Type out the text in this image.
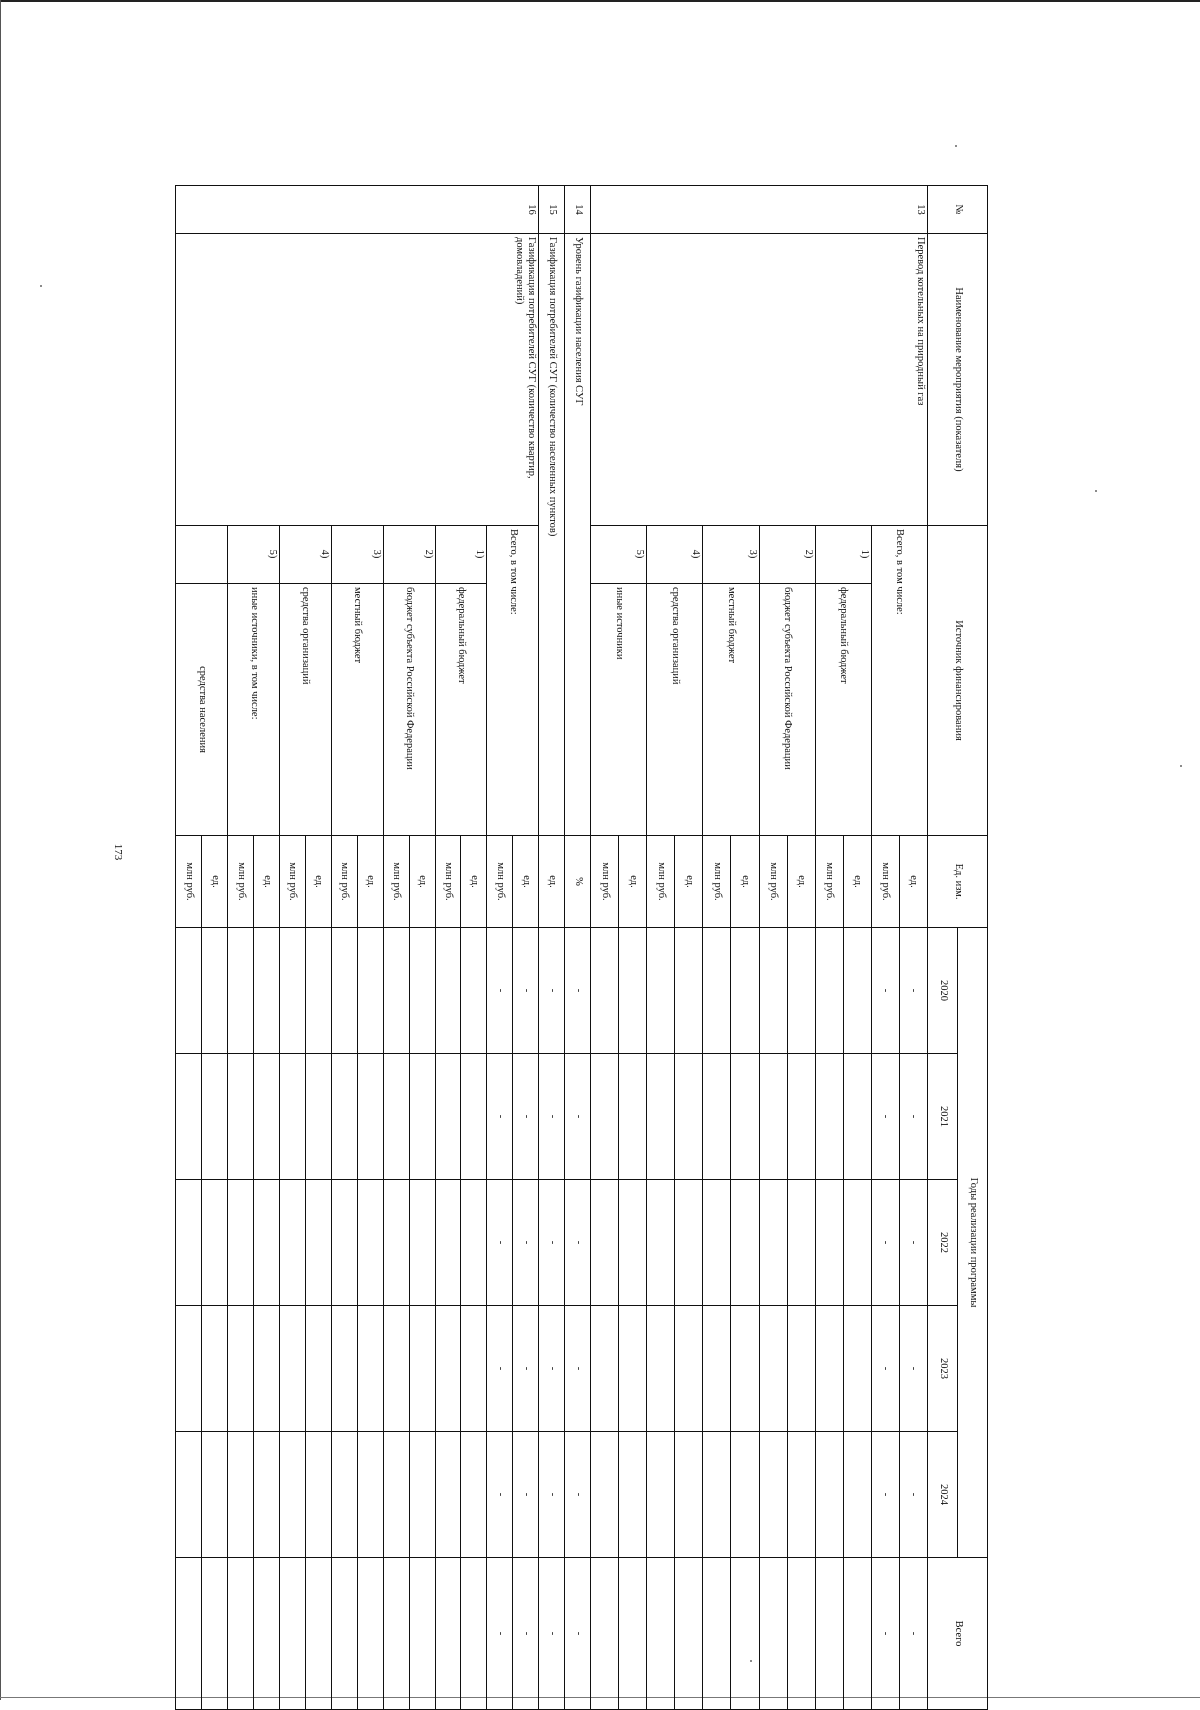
173
№	Наименование мероприятия (показателя)	Источник финансирования		Ед. изм.	Годы реализации программы					Всего
					2020	2021	2022	2023	2024	
13	Перевод котельных на природный газ	Всего, в том числе:		ед.	-	-	-	-	-	-
				млн руб.	-	-	-	-	-	-
		1)	федеральный бюджет	ед.						
				млн руб.						
		2)	бюджет субъекта Российской Федерации	ед.						
				млн руб.						
		3)	местный бюджет	ед.						
				млн руб.						
		4)	средства организаций	ед.						
				млн руб.						
		5)	иные источники	ед.						
				млн руб.						
14	Уровень газификации населения СУГ			%	-	-	-	-	-	-
15	Газификация потребителей СУГ (количество населенных пунктов)			ед.	-	-	-	-	-	-
16	Газификация потребителей СУГ (количество квартир, домовладений)	Всего, в том числе:		ед.	-	-	-	-	-	-
				млн руб.	-	-	-	-	-	-
		1)	федеральный бюджет	ед.						
				млн руб.						
		2)	бюджет субъекта Российской Федерации	ед.						
				млн руб.						
		3)	местный бюджет	ед.						
				млн руб.						
		4)	средства организаций	ед.						
				млн руб.						
		5)	иные источники, в том числе:	ед.						
				млн руб.						
			средства населения	ед.						
				млн руб.						
